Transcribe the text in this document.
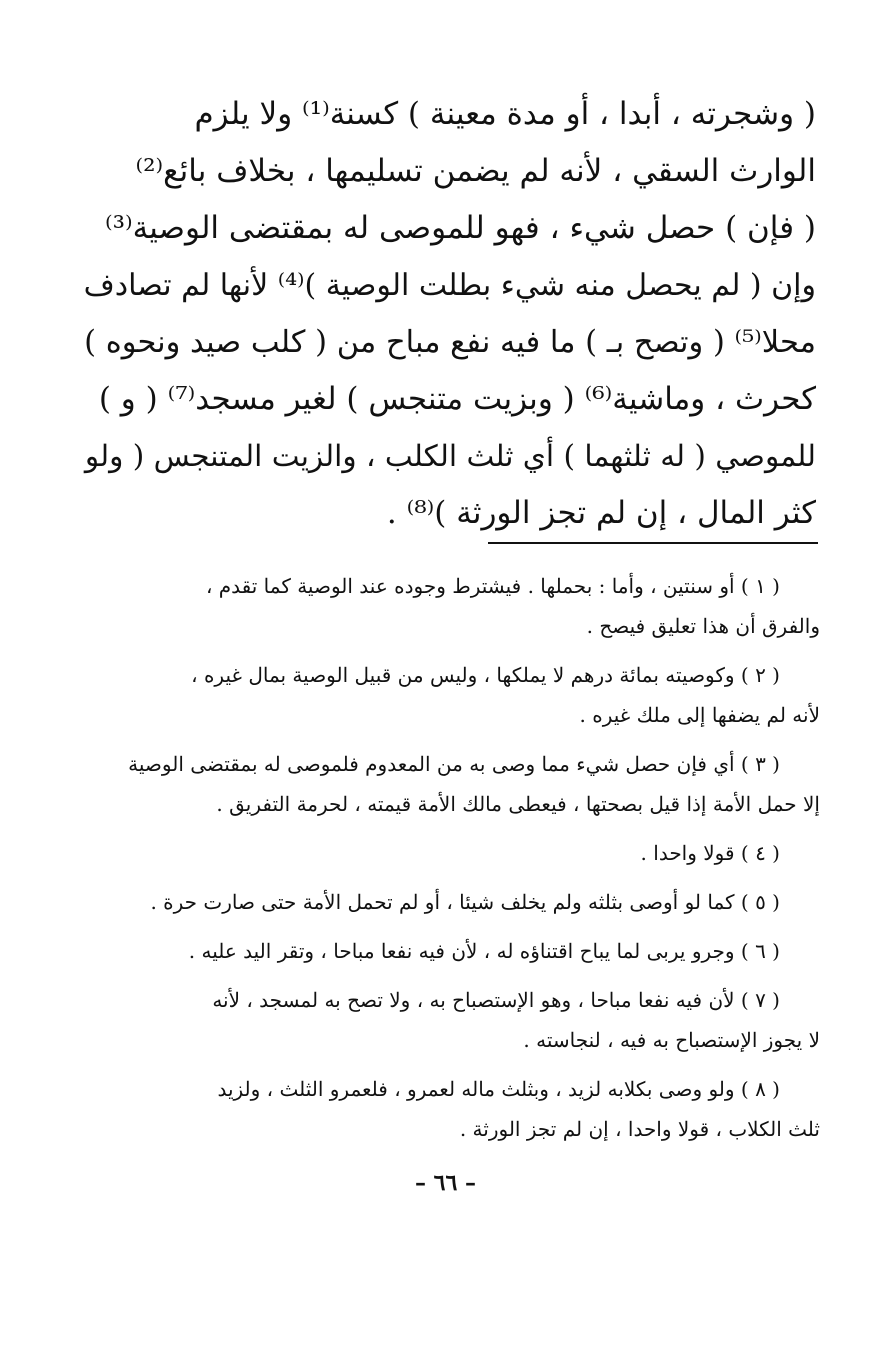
( وشجرته ، أبدا ، أو مدة معينة ) كسنة⁽¹⁾ ولا يلزم
الوارث السقي ، لأنه لم يضمن تسليمها ، بخلاف بائع⁽²⁾
( فإن ) حصل شيء ، فهو للموصى له بمقتضى الوصية⁽³⁾
وإن ( لم يحصل منه شيء بطلت الوصية )⁽⁴⁾ لأنها لم تصادف
محلا⁽⁵⁾ ( وتصح بـ ) ما فيه نفع مباح من ( كلب صيد ونحوه )
كحرث ، وماشية⁽⁶⁾ ( وبزيت متنجس ) لغير مسجد⁽⁷⁾ ( و )
للموصي ( له ثلثهما ) أي ثلث الكلب ، والزيت المتنجس ( ولو
كثر المال ، إن لم تجز الورثة )⁽⁸⁾ .
( ١ ) أو سنتين ، وأما : بحملها . فيشترط وجوده عند الوصية كما تقدم ،
والفرق أن هذا تعليق فيصح .
( ٢ ) وكوصيته بمائة درهم لا يملكها ، وليس من قبيل الوصية بمال غيره ،
لأنه لم يضفها إلى ملك غيره .
( ٣ ) أي فإن حصل شيء مما وصى به من المعدوم فلموصى له بمقتضى الوصية
إلا حمل الأمة إذا قيل بصحتها ، فيعطى مالك الأمة قيمته ، لحرمة التفريق .
( ٤ ) قولا واحدا .
( ٥ ) كما لو أوصى بثلثه ولم يخلف شيئا ، أو لم تحمل الأمة حتى صارت حرة .
( ٦ ) وجرو يربى لما يباح اقتناؤه له ، لأن فيه نفعا مباحا ، وتقر اليد عليه .
( ٧ ) لأن فيه نفعا مباحا ، وهو الإستصباح به ، ولا تصح به لمسجد ، لأنه
لا يجوز الإستصباح به فيه ، لنجاسته .
( ٨ ) ولو وصى بكلابه لزيد ، وبثلث ماله لعمرو ، فلعمرو الثلث ، ولزيد
ثلث الكلاب ، قولا واحدا ، إن لم تجز الورثة .
– ٦٦ –
